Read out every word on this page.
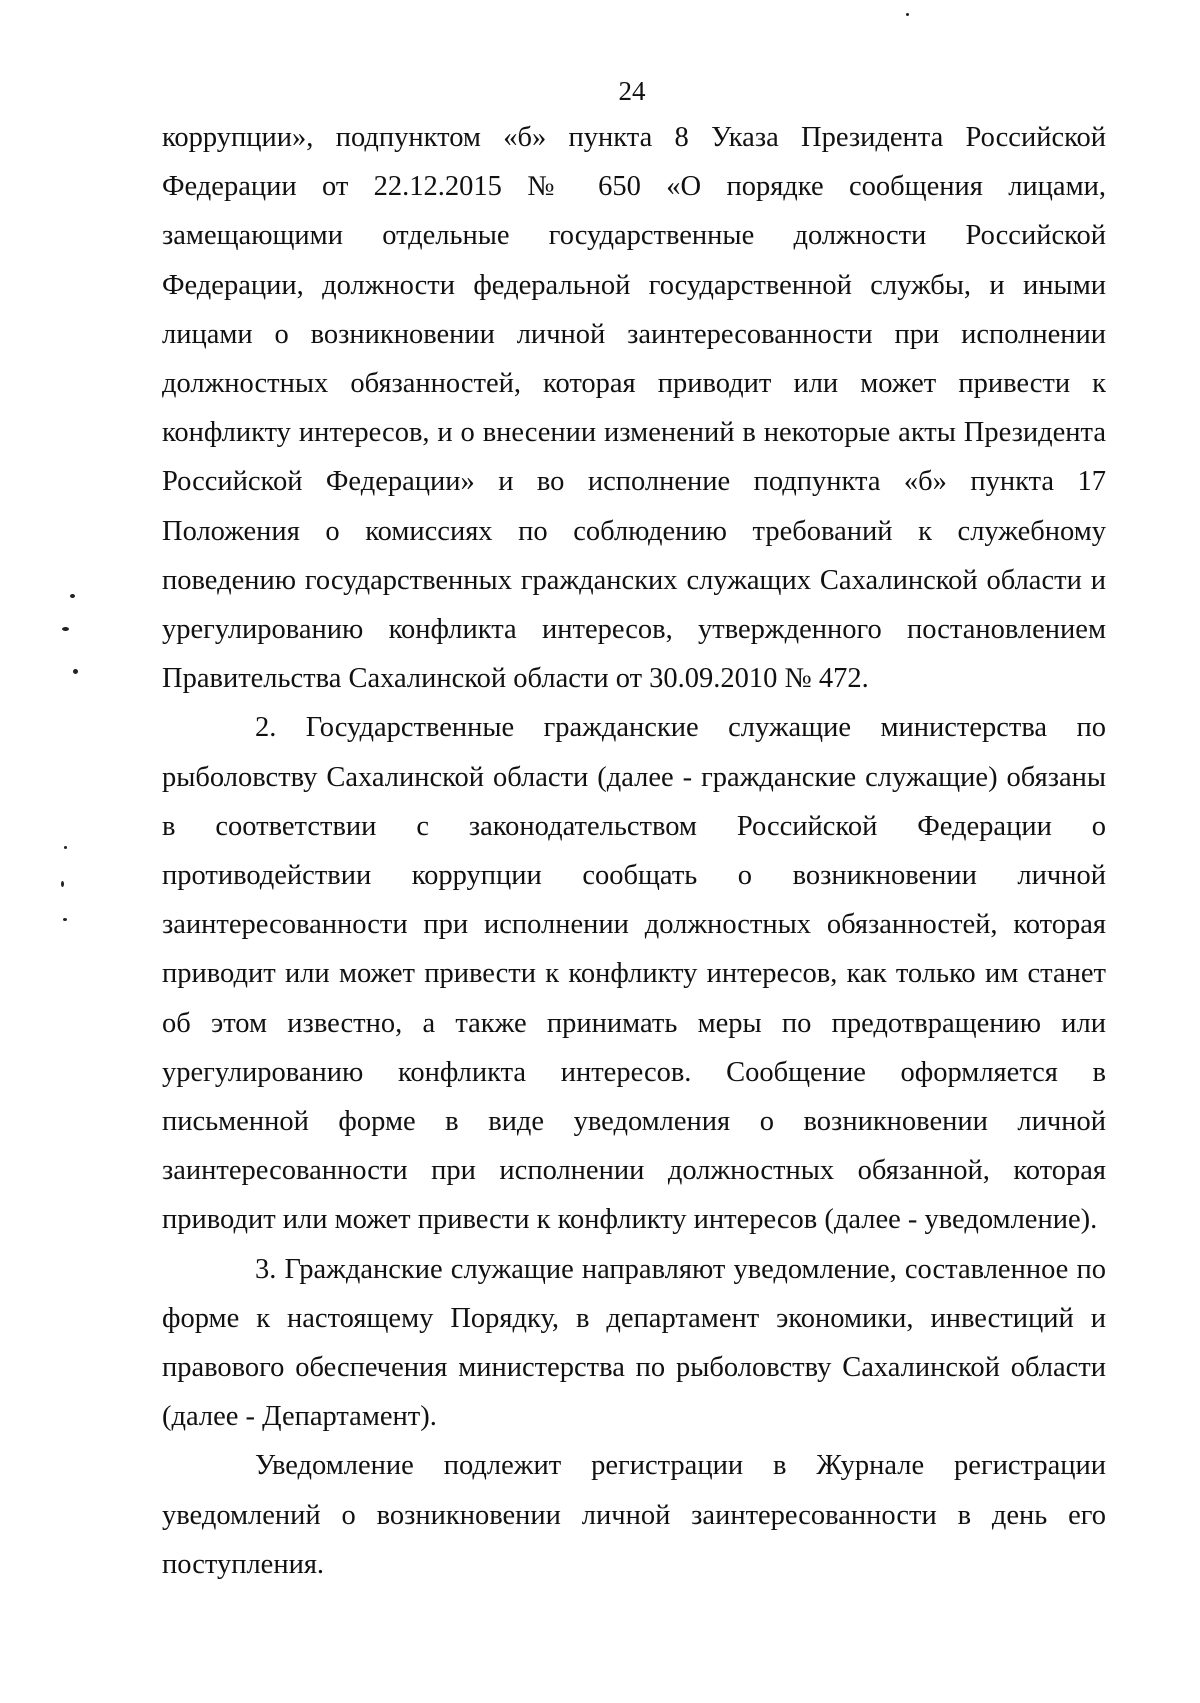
24

коррупции», подпунктом «б» пункта 8 Указа Президента Российской Федерации от 22.12.2015 № 650 «О порядке сообщения лицами, замещающими отдельные государственные должности Российской Федерации, должности федеральной государственной службы, и иными лицами о возникновении личной заинтересованности при исполнении должностных обязанностей, которая приводит или может привести к конфликту интересов, и о внесении изменений в некоторые акты Президента Российской Федерации» и во исполнение подпункта «б» пункта 17 Положения о комиссиях по соблюдению требований к служебному поведению государственных гражданских служащих Сахалинской области и урегулированию конфликта интересов, утвержденного постановлением Правительства Сахалинской области от 30.09.2010 № 472.

2. Государственные гражданские служащие министерства по рыболовству Сахалинской области (далее - гражданские служащие) обязаны в соответствии с законодательством Российской Федерации о противодействии коррупции сообщать о возникновении личной заинтересованности при исполнении должностных обязанностей, которая приводит или может привести к конфликту интересов, как только им станет об этом известно, а также принимать меры по предотвращению или урегулированию конфликта интересов. Сообщение оформляется в письменной форме в виде уведомления о возникновении личной заинтересованности при исполнении должностных обязанной, которая приводит или может привести к конфликту интересов (далее - уведомление).

3. Гражданские служащие направляют уведомление, составленное по форме к настоящему Порядку, в департамент экономики, инвестиций и правового обеспечения министерства по рыболовству Сахалинской области (далее - Департамент).

Уведомление подлежит регистрации в Журнале регистрации уведомлений о возникновении личной заинтересованности в день его поступления.
